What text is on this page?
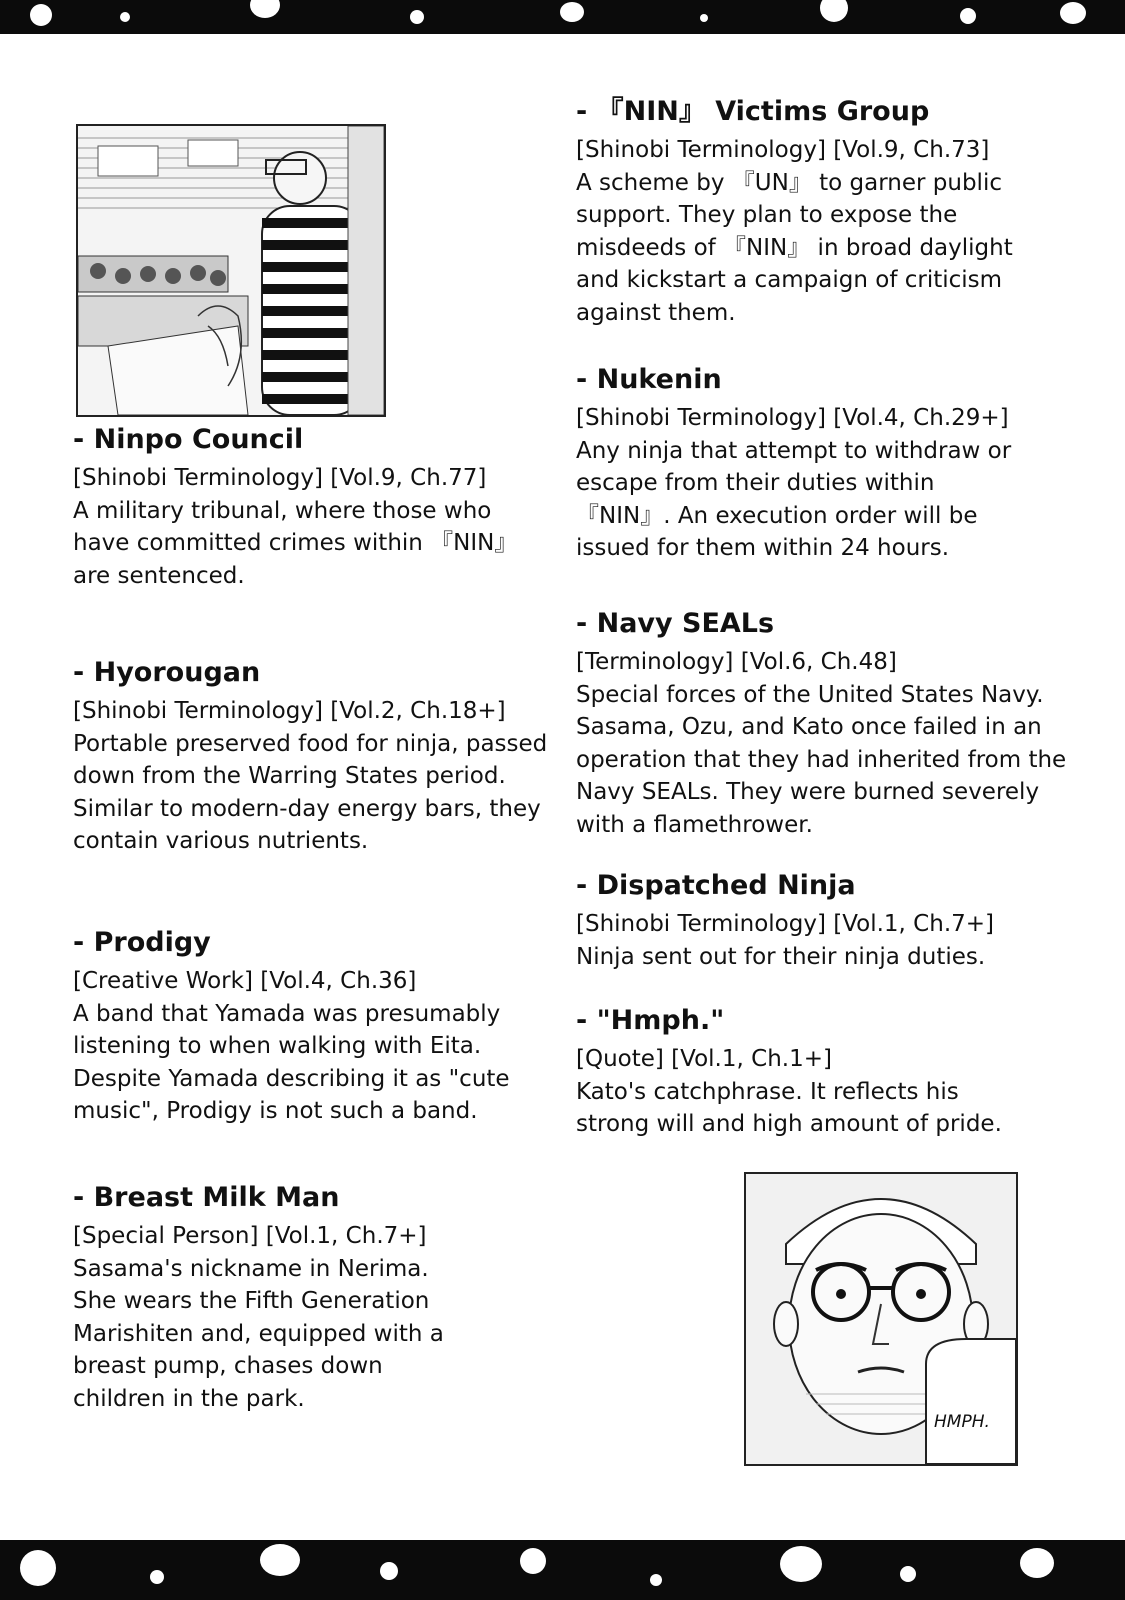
- Ninpo Council

[Shinobi Terminology] [Vol.9, Ch.77]

A military tribunal, where those who have committed crimes within 『NIN』 are sentenced.

- Hyorougan

[Shinobi Terminology] [Vol.2, Ch.18+]

Portable preserved food for ninja, passed down from the Warring States period. Similar to modern-day energy bars, they contain various nutrients.

- Prodigy

[Creative Work] [Vol.4, Ch.36]

A band that Yamada was presumably listening to when walking with Eita. Despite Yamada describing it as "cute music", Prodigy is not such a band.

- Breast Milk Man

[Special Person] [Vol.1, Ch.7+]

Sasama's nickname in Nerima. She wears the Fifth Generation Marishiten and, equipped with a breast pump, chases down children in the park.

- 『NIN』 Victims Group

[Shinobi Terminology] [Vol.9, Ch.73]

A scheme by 『UN』 to garner public support. They plan to expose the misdeeds of 『NIN』 in broad daylight and kickstart a campaign of criticism against them.

- Nukenin

[Shinobi Terminology] [Vol.4, Ch.29+]

Any ninja that attempt to withdraw or escape from their duties within 『NIN』. An execution order will be issued for them within 24 hours.

- Navy SEALs

[Terminology] [Vol.6, Ch.48]

Special forces of the United States Navy. Sasama, Ozu, and Kato once failed in an operation that they had inherited from the Navy SEALs. They were burned severely with a flamethrower.

- Dispatched Ninja

[Shinobi Terminology] [Vol.1, Ch.7+]

Ninja sent out for their ninja duties.

- "Hmph."

[Quote] [Vol.1, Ch.1+]

Kato's catchphrase. It reflects his strong will and high amount of pride.

HMPH.
